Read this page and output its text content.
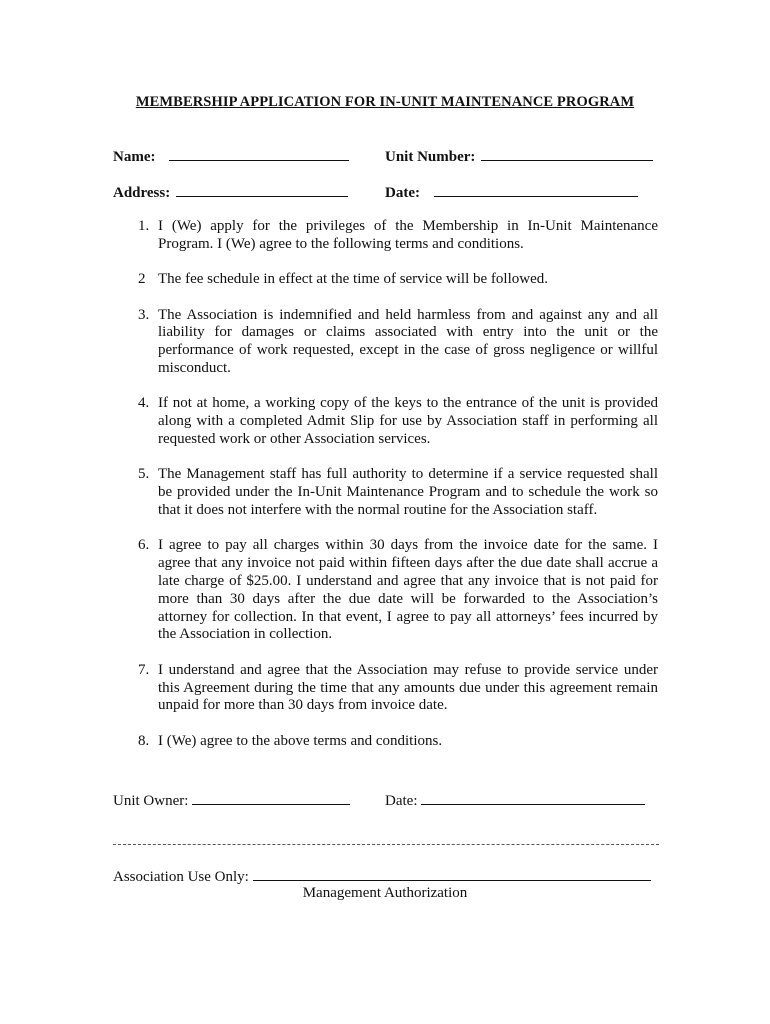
MEMBERSHIP APPLICATION FOR IN-UNIT MAINTENANCE PROGRAM
Name:	Unit Number:
Address:	Date:
1. I (We) apply for the privileges of the Membership in In-Unit Maintenance Program. I (We) agree to the following terms and conditions.
2 The fee schedule in effect at the time of service will be followed.
3. The Association is indemnified and held harmless from and against any and all liability for damages or claims associated with entry into the unit or the performance of work requested, except in the case of gross negligence or willful misconduct.
4. If not at home, a working copy of the keys to the entrance of the unit is provided along with a completed Admit Slip for use by Association staff in performing all requested work or other Association services.
5. The Management staff has full authority to determine if a service requested shall be provided under the In-Unit Maintenance Program and to schedule the work so that it does not interfere with the normal routine for the Association staff.
6. I agree to pay all charges within 30 days from the invoice date for the same. I agree that any invoice not paid within fifteen days after the due date shall accrue a late charge of $25.00. I understand and agree that any invoice that is not paid for more than 30 days after the due date will be forwarded to the Association’s attorney for collection. In that event, I agree to pay all attorneys’ fees incurred by the Association in collection.
7. I understand and agree that the Association may refuse to provide service under this Agreement during the time that any amounts due under this agreement remain unpaid for more than 30 days from invoice date.
8. I (We) agree to the above terms and conditions.
Unit Owner:	Date:
Association Use Only:
Management Authorization
